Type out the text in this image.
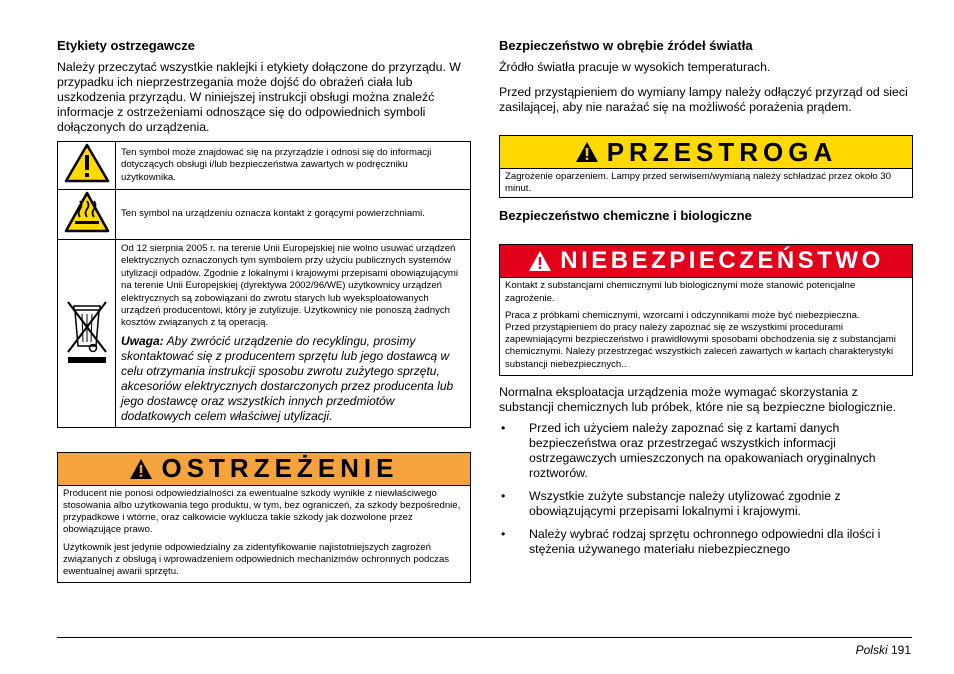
Etykiety ostrzegawcze

Należy przeczytać wszystkie naklejki i etykiety dołączone do przyrządu. W przypadku ich nieprzestrzegania może dojść do obrażeń ciała lub uszkodzenia przyrządu. W niniejszej instrukcji obsługi można znaleźć informacje z ostrzeżeniami odnoszące się do odpowiednich symboli dołączonych do urządzenia.

	Ten symbol może znajdować się na przyrządzie i odnosi się do informacji dotyczących obsługi i/lub bezpieczeństwa zawartych w podręczniku użytkownika.
	Ten symbol na urządzeniu oznacza kontakt z gorącymi powierzchniami.
	Od 12 sierpnia 2005 r. na terenie Unii Europejskiej nie wolno usuwać urządzeń elektrycznych oznaczonych tym symbolem przy użyciu publicznych systemów utylizacji odpadów. Zgodnie z lokalnymi i krajowymi przepisami obowiązującymi na terenie Unii Europejskiej (dyrektywa 2002/96/WE) użytkownicy urządzeń elektrycznych są zobowiązani do zwrotu starych lub wyeksploatowanych urządzeń producentowi, który je zutylizuje. Użytkownicy nie ponoszą żadnych kosztów związanych z tą operacją.
Uwaga: Aby zwrócić urządzenie do recyklingu, prosimy skontaktować się z producentem sprzętu lub jego dostawcą w celu otrzymania instrukcji sposobu zwrotu zużytego sprzętu, akcesoriów elektrycznych dostarczonych przez producenta lub jego dostawcę oraz wszystkich innych przedmiotów dodatkowych celem właściwej utylizacji.
OSTRZEŻENIE

Producent nie ponosi odpowiedzialności za ewentualne szkody wynikłe z niewłaściwego stosowania albo użytkowania tego produktu, w tym, bez ograniczeń, za szkody bezpośrednie, przypadkowe i wtórne, oraz całkowicie wyklucza takie szkody jak dozwolone przez obowiązujące prawo.

Użytkownik jest jedynie odpowiedzialny za zidentyfikowanie najistotniejszych zagrożeń związanych z obsługą i wprowadzeniem odpowiednich mechanizmów ochronnych podczas ewentualnej awarii sprzętu.

Bezpieczeństwo w obrębie źródeł światła

Źródło światła pracuje w wysokich temperaturach.

Przed przystąpieniem do wymiany lampy należy odłączyć przyrząd od sieci zasilającej, aby nie narażać się na możliwość porażenia prądem.

PRZESTROGA
Zagrożenie oparzeniem. Lampy przed serwisem/wymianą należy schładzać przez około 30 minut.
Bezpieczeństwo chemiczne i biologiczne
NIEBEZPIECZEŃSTWO

Kontakt z substancjami chemicznymi lub biologicznymi może stanowić potencjalne zagrożenie.

Praca z próbkami chemicznymi, wzorcami i odczynnikami może być niebezpieczna.

Przed przystąpieniem do pracy należy zapoznać się ze wszystkimi procedurami zapewniającymi bezpieczeństwo i prawidłowymi sposobami obchodzenia się z substancjami chemicznymi. Należy przestrzegać wszystkich zaleceń zawartych w kartach charakterystyki substancji niebezpiecznych..

Normalna eksploatacja urządzenia może wymagać skorzystania z substancji chemicznych lub próbek, które nie są bezpieczne biologicznie.

• Przed ich użyciem należy zapoznać się z kartami danych bezpieczeństwa oraz przestrzegać wszystkich informacji ostrzegawczych umieszczonych na opakowaniach oryginalnych roztworów.
• Wszystkie zużyte substancje należy utylizować zgodnie z obowiązującymi przepisami lokalnymi i krajowymi.
• Należy wybrać rodzaj sprzętu ochronnego odpowiedni dla ilości i stężenia używanego materiału niebezpiecznego
Polski 191
